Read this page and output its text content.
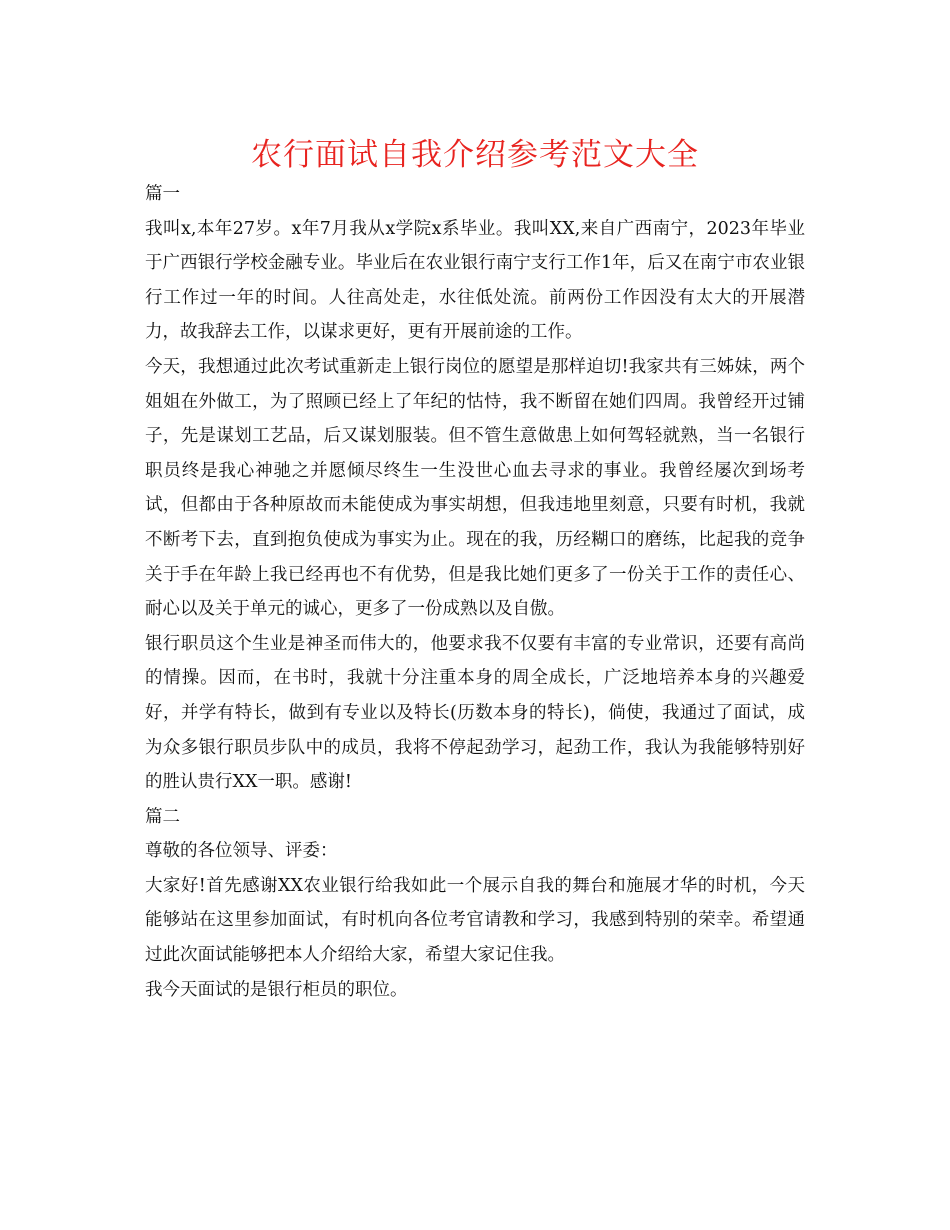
农行面试自我介绍参考范文大全

篇一

我叫x,本年27岁。x年7月我从x学院x系毕业。我叫XX,来自广西南宁，2023年毕业于广西银行学校金融专业。毕业后在农业银行南宁支行工作1年，后又在南宁市农业银行工作过一年的时间。人往高处走，水往低处流。前两份工作因没有太大的开展潜力，故我辞去工作，以谋求更好，更有开展前途的工作。

今天，我想通过此次考试重新走上银行岗位的愿望是那样迫切!我家共有三姊妹，两个姐姐在外做工，为了照顾已经上了年纪的怙恃，我不断留在她们四周。我曾经开过铺子，先是谋划工艺品，后又谋划服装。但不管生意做患上如何驾轻就熟，当一名银行职员终是我心神驰之并愿倾尽终生一生没世心血去寻求的事业。我曾经屡次到场考试，但都由于各种原故而未能使成为事实胡想，但我违地里刻意，只要有时机，我就不断考下去，直到抱负使成为事实为止。现在的我，历经糊口的磨练，比起我的竞争关于手在年龄上我已经再也不有优势，但是我比她们更多了一份关于工作的责任心、耐心以及关于单元的诚心，更多了一份成熟以及自傲。

银行职员这个生业是神圣而伟大的，他要求我不仅要有丰富的专业常识，还要有高尚的情操。因而，在书时，我就十分注重本身的周全成长，广泛地培养本身的兴趣爱好，并学有特长，做到有专业以及特长(历数本身的特长)，倘使，我通过了面试，成为众多银行职员步队中的成员，我将不停起劲学习，起劲工作，我认为我能够特别好的胜认贵行XX一职。感谢!

篇二

尊敬的各位领导、评委：

大家好!首先感谢XX农业银行给我如此一个展示自我的舞台和施展才华的时机，今天能够站在这里参加面试，有时机向各位考官请教和学习，我感到特别的荣幸。希望通过此次面试能够把本人介绍给大家，希望大家记住我。

我今天面试的是银行柜员的职位。
